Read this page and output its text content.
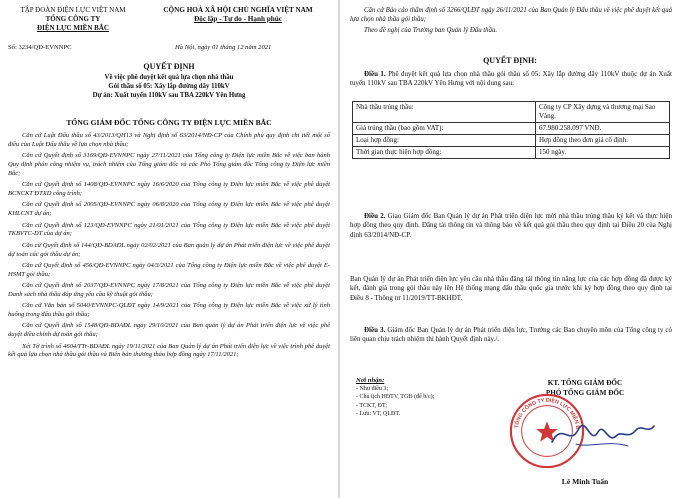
TẬP ĐOÀN ĐIỆN LỰC VIỆT NAM
TỔNG CÔNG TY
ĐIỆN LỰC MIỀN BẮC
CỘNG HOÀ XÃ HỘI CHỦ NGHĨA VIỆT NAM
Độc lập - Tự do - Hạnh phúc
Số: 3234/QĐ-EVNNPC	Hà Nội, ngày 01 tháng 12 năm 2021
QUYẾT ĐỊNH
Về việc phê duyệt kết quả lựa chọn nhà thầu
Gói thầu số 05: Xây lắp đường dây 110kV
Dự án: Xuất tuyến 110kV sau TBA 220kV Yên Hưng
TỔNG GIÁM ĐỐC TỔNG CÔNG TY ĐIỆN LỰC MIỀN BẮC

Căn cứ Luật Đấu thầu số 43/2013/QH13 và Nghị định số 63/2014/NĐ-CP của Chính phủ quy định chi tiết một số điều của Luật Đấu thầu về lựa chọn nhà thầu;

Căn cứ Quyết định số 3169/QĐ-EVNNPC ngày 27/11/2021 của Tổng công ty Điện lực miền Bắc về việc ban hành Quy định phân công nhiệm vụ, trách nhiệm của Tổng giám đốc và các Phó Tổng giám đốc Tổng công ty Điện lực miền Bắc;

Căn cứ Quyết định số 1408/QĐ-EVNNPC ngày 16/6/2020 của Tổng công ty Điện lực miền Bắc về việc phê duyệt BCNCKT ĐTXD công trình;

Căn cứ Quyết định số 2005/QĐ-EVNNPC ngày 06/8/2020 của Tổng công ty Điện lực miền Bắc về việc phê duyệt KHLCNT dự án;

Căn cứ Quyết định số 123/QĐ-EVNNPC ngày 21/01/2021 của Tổng công ty Điện lực miền Bắc về việc phê duyệt TKBVTC-DT của dự án;

Căn cứ Quyết định số 144/QĐ-BDAĐL ngày 02/02/2021 của Ban quản lý dự án Phát triển điện lực về việc phê duyệt dự toán các gói thầu dự án;

Căn cứ Quyết định số 456/QĐ-EVNNPC ngày 04/3/2021 của Tổng công ty Điện lực miền Bắc về việc phê duyệt E-HSMT gói thầu;

Căn cứ Quyết định số 2037/QĐ-EVNNPC ngày 17/8/2021 của Tổng công ty Điện lực miền Bắc về việc phê duyệt Danh sách nhà thầu đáp ứng yêu cầu kỹ thuật gói thầu;

Căn cứ Văn bản số 5040/EVNNPC-QLĐT ngày 14/9/2021 của Tổng công ty Điện lực miền Bắc về việc xử lý tình huống trong đấu thầu gói thầu;

Căn cứ Quyết định số 1548/QĐ-BDAĐL ngày 29/10/2021 của Ban quản lý dự án Phát triển điện lực về việc phê duyệt điều chỉnh dự toán gói thầu;

Xét Tờ trình số 4604/TTr-BDAĐL ngày 19/11/2021 của Ban Quản lý dự án Phát triển điện lực về việc trình phê duyệt kết quả lựa chọn nhà thầu gói thầu và Biên bản thương thảo hợp đồng ngày 17/11/2021;

Căn cứ Báo cáo thẩm định số 3266/QLĐT ngày 26/11/2021 của Ban Quản lý Đấu thầu về việc phê duyệt kết quả lựa chọn nhà thầu gói thầu;

Theo đề nghị của Trưởng ban Quản lý Đấu thầu.

QUYẾT ĐỊNH:

Điều 1. Phê duyệt kết quả lựa chọn nhà thầu gói thầu số 05: Xây lắp đường dây 110kV thuộc dự án Xuất tuyến 110kV sau TBA 220kV Yên Hưng với nội dung sau:

Nhà thầu trúng thầu:	Công ty CP Xây dựng và thương mại Sao Vàng.
Giá trúng thầu (bao gồm VAT):	67.980.258.097 VNĐ.
Loại hợp đồng:	Hợp đồng theo đơn giá cố định.
Thời gian thực hiện hợp đồng:	150 ngày.

Điều 2. Giao Giám đốc Ban Quản lý dự án Phát triển điện lực mời nhà thầu trúng thầu ký kết và thực hiện hợp đồng theo quy định. Đăng tải thông tin và thông báo về kết quả gói thầu theo quy định tại Điều 20 của Nghị định 63/2014/NĐ-CP.

Ban Quản lý dự án Phát triển điện lực yêu cầu nhà thầu đăng tải thông tin năng lực của các hợp đồng đã được ký kết, đánh giá trong gói thầu này lên Hệ thống mạng đấu thầu quốc gia trước khi ký hợp đồng theo quy định tại Điều 8 - Thông tư 11/2019/TT-BKHĐT.

Điều 3. Giám đốc Ban Quản lý dự án Phát triển điện lực, Trưởng các Ban chuyên môn của Tổng công ty có liên quan chịu trách nhiệm thi hành Quyết định này./.

Nơi nhận:
- Như điều 3;
- Chủ tịch HĐTV, TGĐ (để b/c);
- TCKT, ĐT;
- Lưu: VT, QLĐT.
KT. TỔNG GIÁM ĐỐC
PHÓ TỔNG GIÁM ĐỐC
TỔNG CÔNG TY ĐIỆN LỰC MIỀN B
Lê Minh Tuấn
